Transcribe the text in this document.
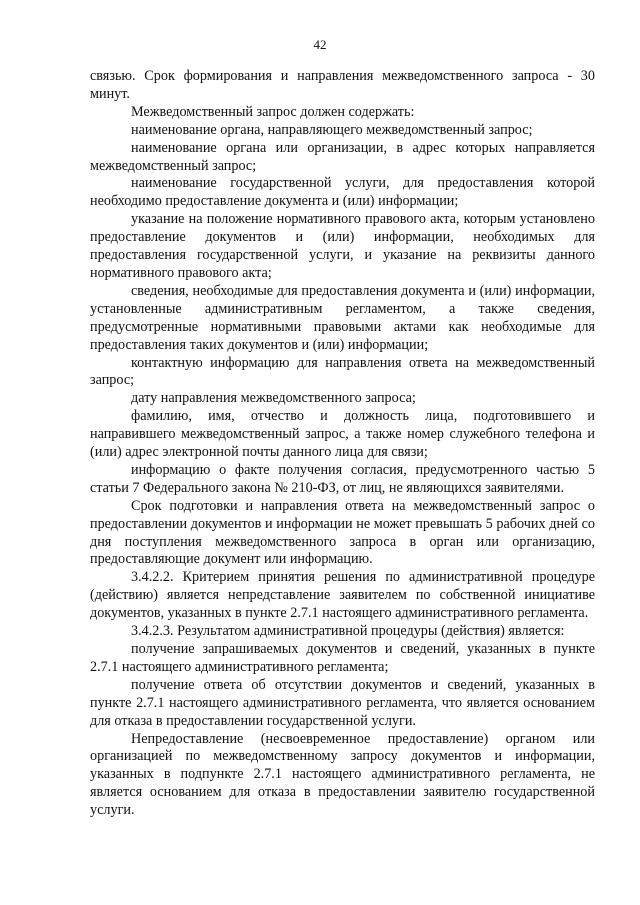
42

связью. Срок формирования и направления межведомственного запроса - 30 минут.

Межведомственный запрос должен содержать:

наименование органа, направляющего межведомственный запрос;

наименование органа или организации, в адрес которых направляется межведомственный запрос;

наименование государственной услуги, для предоставления которой необходимо предоставление документа и (или) информации;

указание на положение нормативного правового акта, которым установлено предоставление документов и (или) информации, необходимых для предоставления государственной услуги, и указание на реквизиты данного нормативного правового акта;

сведения, необходимые для предоставления документа и (или) информации, установленные административным регламентом, а также сведения, предусмотренные нормативными правовыми актами как необходимые для предоставления таких документов и (или) информации;

контактную информацию для направления ответа на межведомственный запрос;

дату направления межведомственного запроса;

фамилию, имя, отчество и должность лица, подготовившего и направившего межведомственный запрос, а также номер служебного телефона и (или) адрес электронной почты данного лица для связи;

информацию о факте получения согласия, предусмотренного частью 5 статьи 7 Федерального закона № 210-ФЗ, от лиц, не являющихся заявителями.

Срок подготовки и направления ответа на межведомственный запрос о предоставлении документов и информации не может превышать 5 рабочих дней со дня поступления межведомственного запроса в орган или организацию, предоставляющие документ или информацию.

3.4.2.2. Критерием принятия решения по административной процедуре (действию) является непредставление заявителем по собственной инициативе документов, указанных в пункте 2.7.1 настоящего административного регламента.

3.4.2.3. Результатом административной процедуры (действия) является:

получение запрашиваемых документов и сведений, указанных в пункте 2.7.1 настоящего административного регламента;

получение ответа об отсутствии документов и сведений, указанных в пункте 2.7.1 настоящего административного регламента, что является основанием для отказа в предоставлении государственной услуги.

Непредоставление (несвоевременное предоставление) органом или организацией по межведомственному запросу документов и информации, указанных в подпункте 2.7.1 настоящего административного регламента, не является основанием для отказа в предоставлении заявителю государственной услуги.
